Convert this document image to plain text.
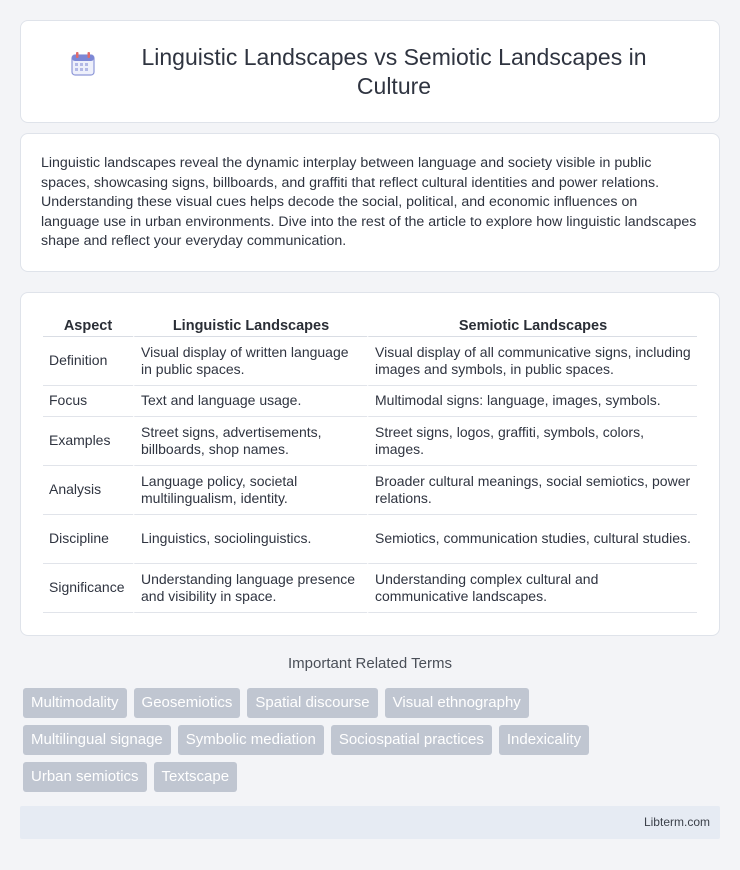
Linguistic Landscapes vs Semiotic Landscapes in Culture

Linguistic landscapes reveal the dynamic interplay between language and society visible in public spaces, showcasing signs, billboards, and graffiti that reflect cultural identities and power relations. Understanding these visual cues helps decode the social, political, and economic influences on language use in urban environments. Dive into the rest of the article to explore how linguistic landscapes shape and reflect your everyday communication.

Aspect	Linguistic Landscapes	Semiotic Landscapes
Definition	Visual display of written language in public spaces.	Visual display of all communicative signs, including images and symbols, in public spaces.
Focus	Text and language usage.	Multimodal signs: language, images, symbols.
Examples	Street signs, advertisements, billboards, shop names.	Street signs, logos, graffiti, symbols, colors, images.
Analysis	Language policy, societal multilingualism, identity.	Broader cultural meanings, social semiotics, power relations.
Discipline	Linguistics, sociolinguistics.	Semiotics, communication studies, cultural studies.
Significance	Understanding language presence and visibility in space.	Understanding complex cultural and communicative landscapes.
Important Related Terms
Multimodality	Geosemiotics	Spatial discourse	Visual ethnography
Multilingual signage	Symbolic mediation	Sociospatial practices	Indexicality
Urban semiotics	Textscape
Libterm.com
